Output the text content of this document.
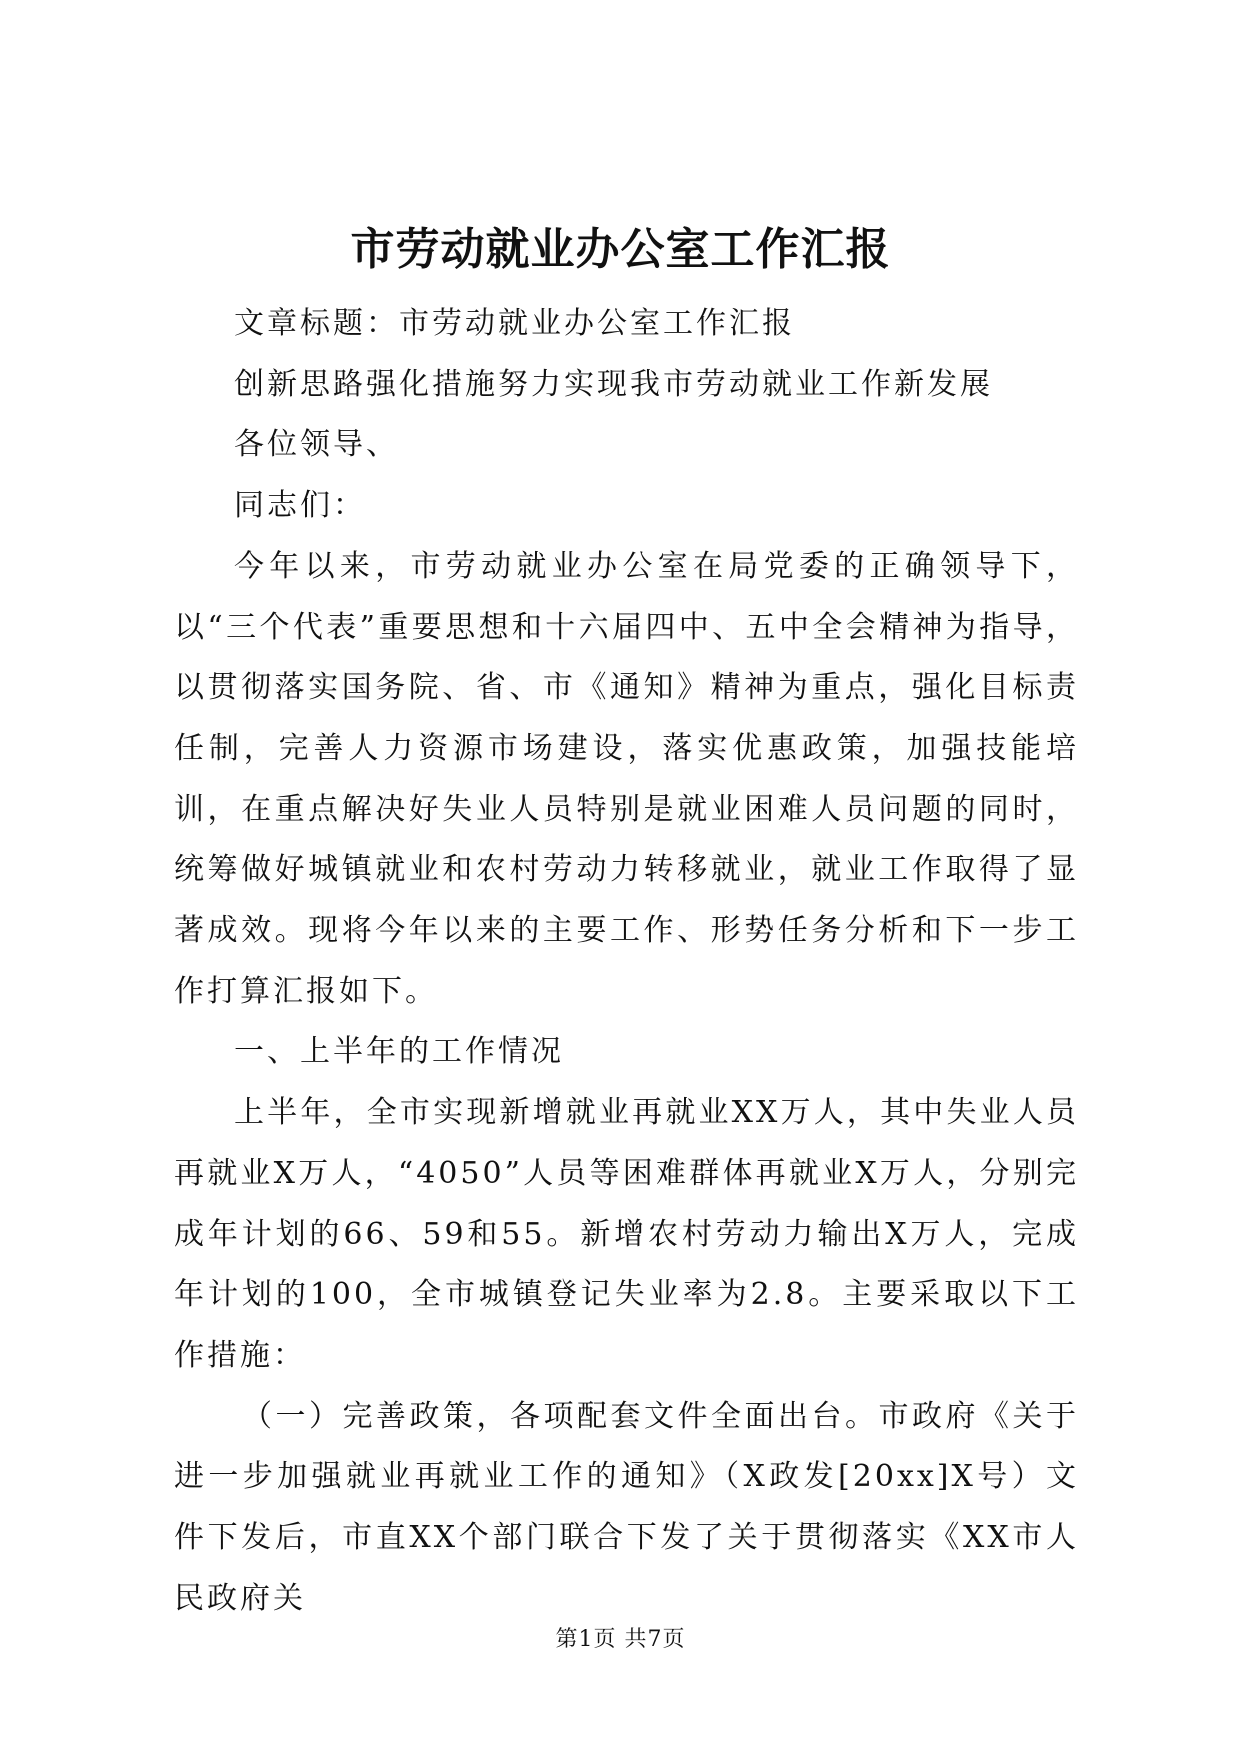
市劳动就业办公室工作汇报

文章标题：市劳动就业办公室工作汇报

创新思路强化措施努力实现我市劳动就业工作新发展

各位领导、

同志们：

今年以来，市劳动就业办公室在局党委的正确领导下，以“三个代表”重要思想和十六届四中、五中全会精神为指导，以贯彻落实国务院、省、市《通知》精神为重点，强化目标责任制，完善人力资源市场建设，落实优惠政策，加强技能培训，在重点解决好失业人员特别是就业困难人员问题的同时，统筹做好城镇就业和农村劳动力转移就业，就业工作取得了显著成效。现将今年以来的主要工作、形势任务分析和下一步工作打算汇报如下。

一、上半年的工作情况

上半年，全市实现新增就业再就业XX万人，其中失业人员再就业X万人，“4050”人员等困难群体再就业X万人，分别完成年计划的66、59和55。新增农村劳动力输出X万人，完成年计划的100，全市城镇登记失业率为2.8。主要采取以下工作措施：

（一）完善政策，各项配套文件全面出台。市政府《关于进一步加强就业再就业工作的通知》（X政发[20xx]X号）文件下发后，市直XX个部门联合下发了关于贯彻落实《XX市人民政府关

第1页 共7页
